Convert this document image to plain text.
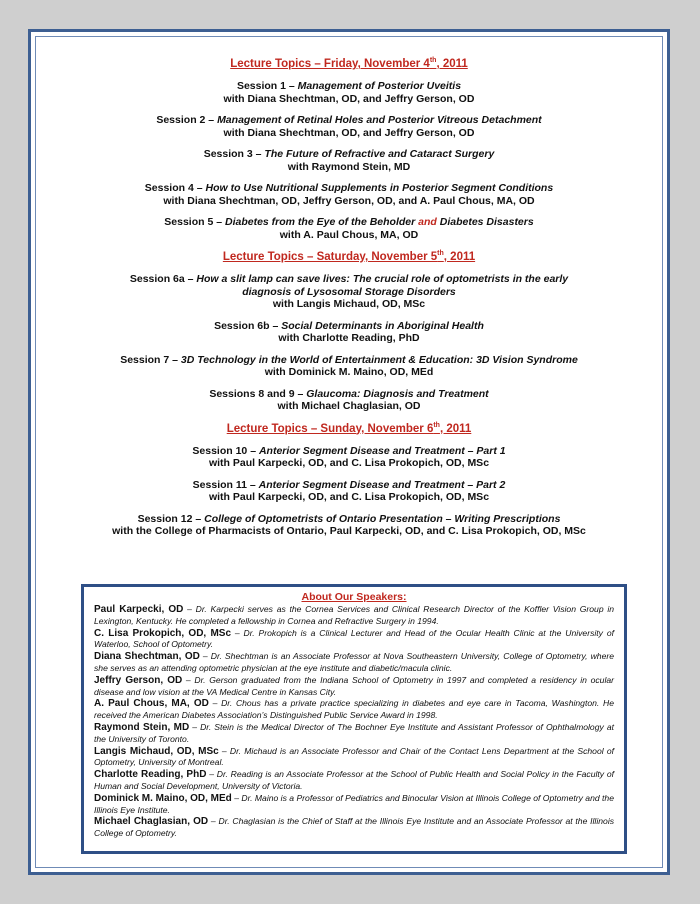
Lecture Topics – Friday, November 4th, 2011
Session 1 – Management of Posterior Uveitis
with Diana Shechtman, OD, and Jeffry Gerson, OD
Session 2 – Management of Retinal Holes and Posterior Vitreous Detachment
with Diana Shechtman, OD, and Jeffry Gerson, OD
Session 3 – The Future of Refractive and Cataract Surgery
with Raymond Stein, MD
Session 4 – How to Use Nutritional Supplements in Posterior Segment Conditions
with Diana Shechtman, OD, Jeffry Gerson, OD, and A. Paul Chous, MA, OD
Session 5 – Diabetes from the Eye of the Beholder and Diabetes Disasters
with A. Paul Chous, MA, OD
Lecture Topics – Saturday, November 5th, 2011
Session 6a – How a slit lamp can save lives: The crucial role of optometrists in the early
diagnosis of Lysosomal Storage Disorders
with Langis Michaud, OD, MSc
Session 6b – Social Determinants in Aboriginal Health
with Charlotte Reading, PhD
Session 7 – 3D Technology in the World of Entertainment & Education: 3D Vision Syndrome
with Dominick M. Maino, OD, MEd
Sessions 8 and 9 – Glaucoma: Diagnosis and Treatment
with Michael Chaglasian, OD
Lecture Topics – Sunday, November 6th, 2011
Session 10 – Anterior Segment Disease and Treatment – Part 1
with Paul Karpecki, OD, and C. Lisa Prokopich, OD, MSc
Session 11 – Anterior Segment Disease and Treatment – Part 2
with Paul Karpecki, OD, and C. Lisa Prokopich, OD, MSc
Session 12 – College of Optometrists of Ontario Presentation – Writing Prescriptions
with the College of Pharmacists of Ontario, Paul Karpecki, OD, and C. Lisa Prokopich, OD, MSc
About Our Speakers:
Paul Karpecki, OD – Dr. Karpecki serves as the Cornea Services and Clinical Research Director of the Koffler Vision Group in Lexington, Kentucky. He completed a fellowship in Cornea and Refractive Surgery in 1994.
C. Lisa Prokopich, OD, MSc – Dr. Prokopich is a Clinical Lecturer and Head of the Ocular Health Clinic at the University of Waterloo, School of Optometry.
Diana Shechtman, OD – Dr. Shechtman is an Associate Professor at Nova Southeastern University, College of Optometry, where she serves as an attending optometric physician at the eye institute and diabetic/macula clinic.
Jeffry Gerson, OD – Dr. Gerson graduated from the Indiana School of Optometry in 1997 and completed a residency in ocular disease and low vision at the VA Medical Centre in Kansas City.
A. Paul Chous, MA, OD – Dr. Chous has a private practice specializing in diabetes and eye care in Tacoma, Washington. He received the American Diabetes Association’s Distinguished Public Service Award in 1998.
Raymond Stein, MD – Dr. Stein is the Medical Director of The Bochner Eye Institute and Assistant Professor of Ophthalmology at the University of Toronto.
Langis Michaud, OD, MSc – Dr. Michaud is an Associate Professor and Chair of the Contact Lens Department at the School of Optometry, University of Montreal.
Charlotte Reading, PhD – Dr. Reading is an Associate Professor at the School of Public Health and Social Policy in the Faculty of Human and Social Development, University of Victoria.
Dominick M. Maino, OD, MEd – Dr. Maino is a Professor of Pediatrics and Binocular Vision at Illinois College of Optometry and the Illinois Eye Institute.
Michael Chaglasian, OD – Dr. Chaglasian is the Chief of Staff at the Illinois Eye Institute and an Associate Professor at the Illinois College of Optometry.
